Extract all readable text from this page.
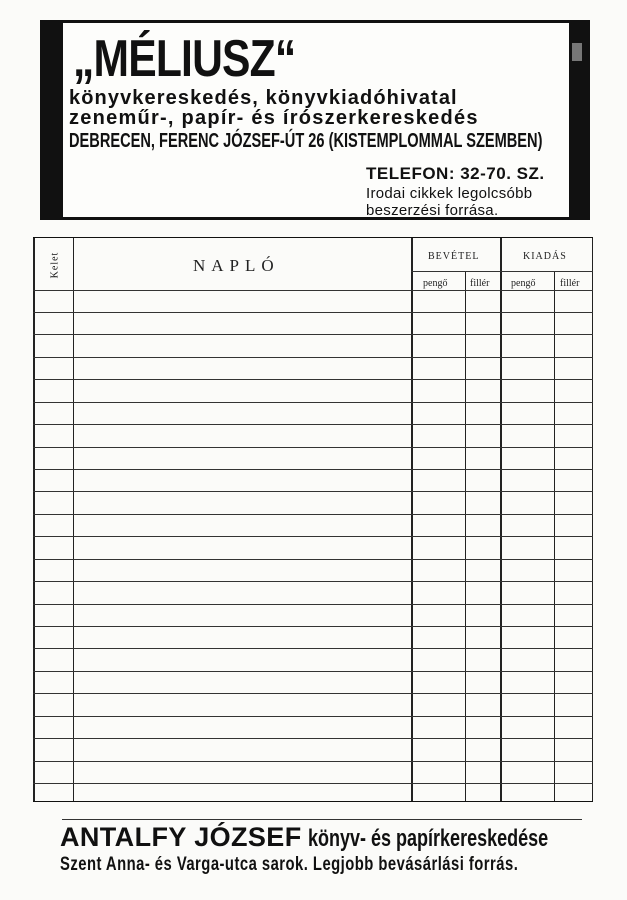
„MÉLIUSZ“
könyvkereskedés, könyvkiadóhivatal
zeneműr-, papír- és írószerkereskedés
DEBRECEN, FERENC JÓZSEF-ÚT 26 (KISTEMPLOMMAL SZEMBEN)
TELEFON: 32-70. SZ.
Irodai cikkek legolcsóbb
beszerzési forrása.
Kelet	NAPLÓ	BEVÉTEL	KIADÁS
pengő fillér pengő fillér
ANTALFY JÓZSEF könyv- és papírkereskedése
Szent Anna- és Varga-utca sarok. Legjobb bevásárlási forrás.
